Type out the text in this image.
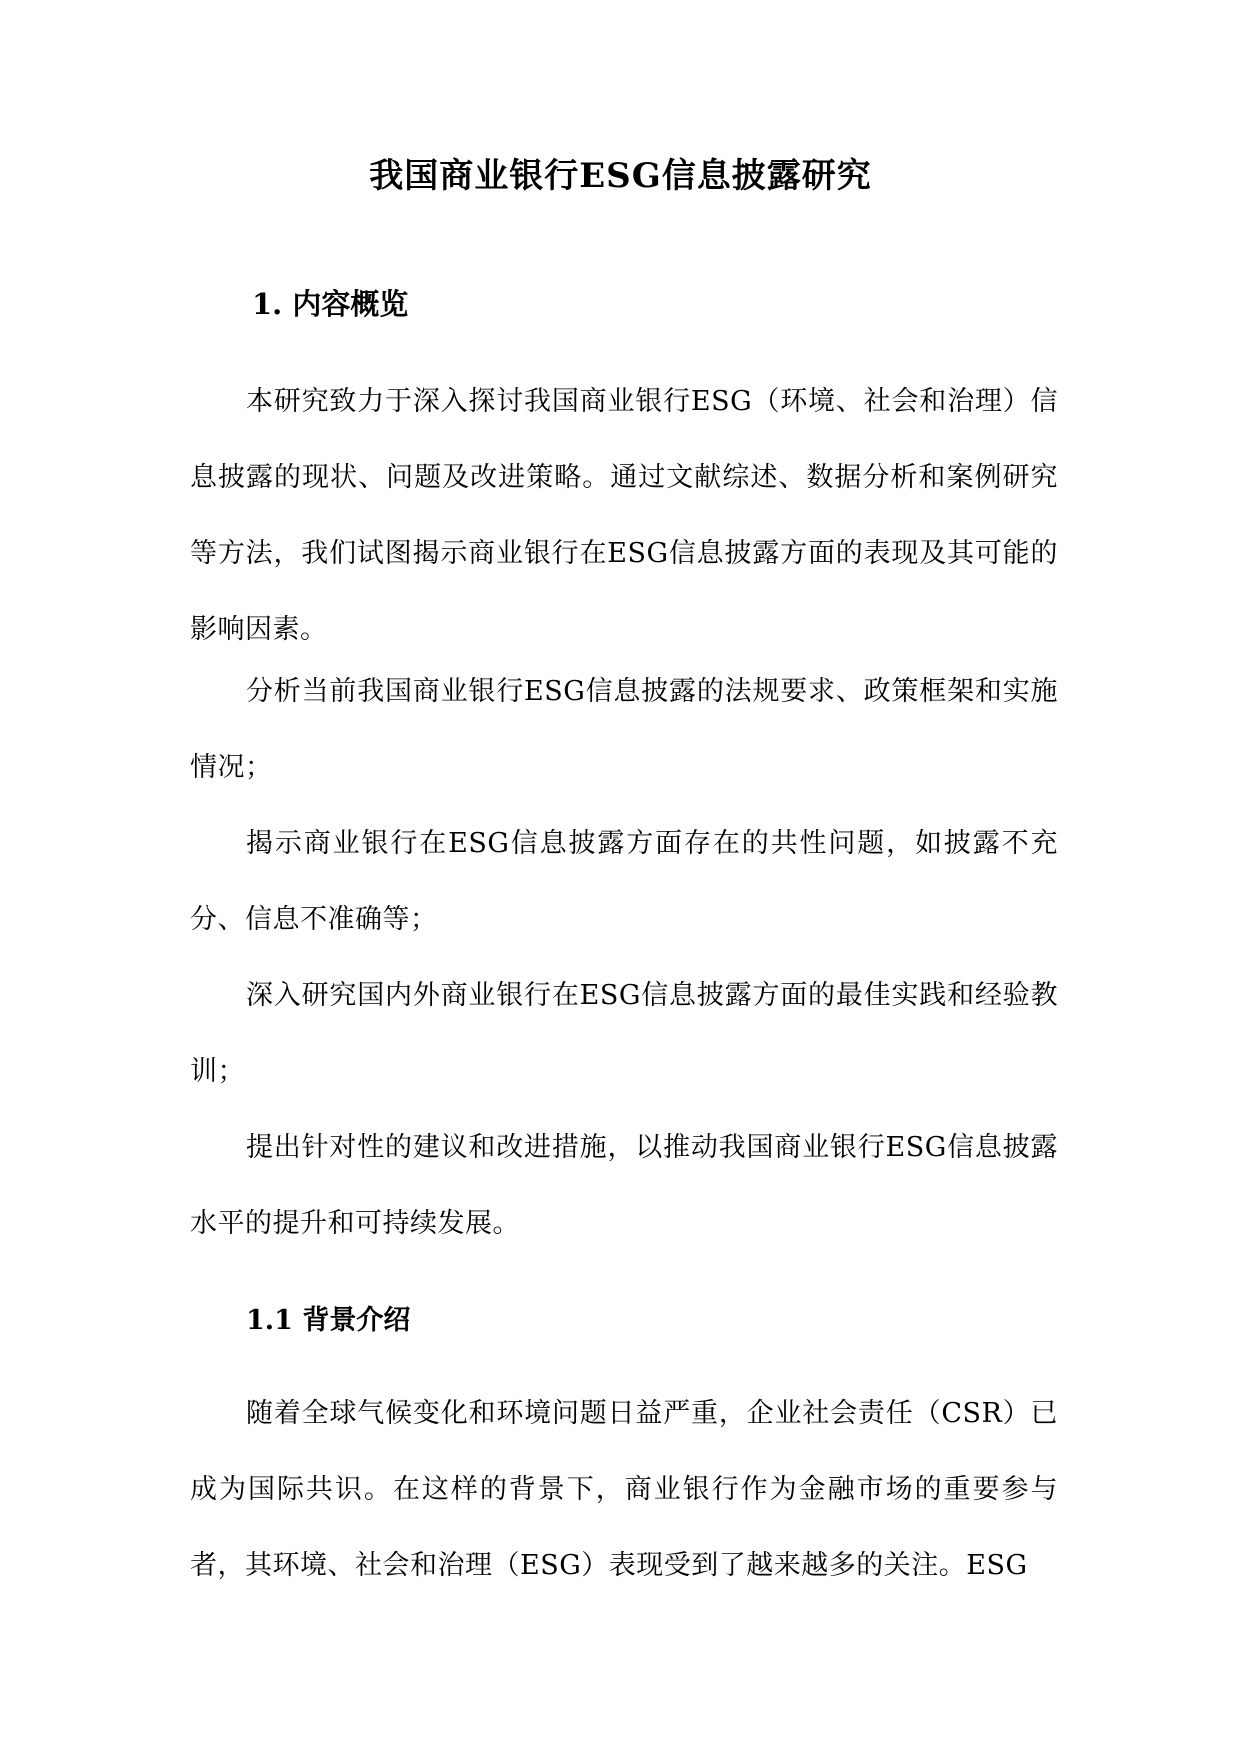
我国商业银行ESG信息披露研究
1. 内容概览

本研究致力于深入探讨我国商业银行ESG（环境、社会和治理）信息披露的现状、问题及改进策略。通过文献综述、数据分析和案例研究等方法，我们试图揭示商业银行在ESG信息披露方面的表现及其可能的影响因素。

分析当前我国商业银行ESG信息披露的法规要求、政策框架和实施情况；

揭示商业银行在ESG信息披露方面存在的共性问题，如披露不充分、信息不准确等；

深入研究国内外商业银行在ESG信息披露方面的最佳实践和经验教训；

提出针对性的建议和改进措施，以推动我国商业银行ESG信息披露水平的提升和可持续发展。

1.1 背景介绍

随着全球气候变化和环境问题日益严重，企业社会责任（CSR）已成为国际共识。在这样的背景下，商业银行作为金融市场的重要参与者，其环境、社会和治理（ESG）表现受到了越来越多的关注。ESG
